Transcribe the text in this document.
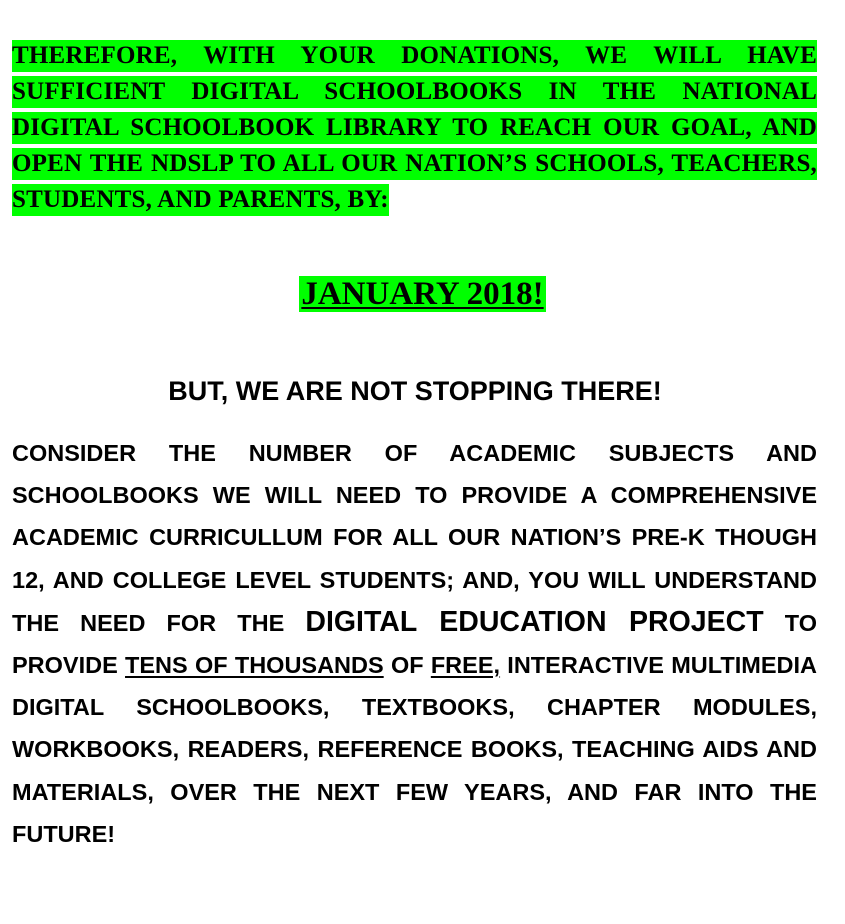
THEREFORE, WITH YOUR DONATIONS, WE WILL HAVE SUFFICIENT DIGITAL SCHOOLBOOKS IN THE NATIONAL DIGITAL SCHOOLBOOK LIBRARY TO REACH OUR GOAL, AND OPEN THE NDSLP TO ALL OUR NATION’S SCHOOLS, TEACHERS, STUDENTS, AND PARENTS, BY:
JANUARY 2018!
BUT, WE ARE NOT STOPPING THERE!
CONSIDER THE NUMBER OF ACADEMIC SUBJECTS AND SCHOOLBOOKS WE WILL NEED TO PROVIDE A COMPREHENSIVE ACADEMIC CURRICULLUM FOR ALL OUR NATION’S PRE-K THOUGH 12, AND COLLEGE LEVEL STUDENTS; AND, YOU WILL UNDERSTAND THE NEED FOR THE DIGITAL EDUCATION PROJECT TO PROVIDE TENS OF THOUSANDS OF FREE, INTERACTIVE MULTIMEDIA DIGITAL SCHOOLBOOKS, TEXTBOOKS, CHAPTER MODULES, WORKBOOKS, READERS, REFERENCE BOOKS, TEACHING AIDS AND MATERIALS, OVER THE NEXT FEW YEARS, AND FAR INTO THE FUTURE!
